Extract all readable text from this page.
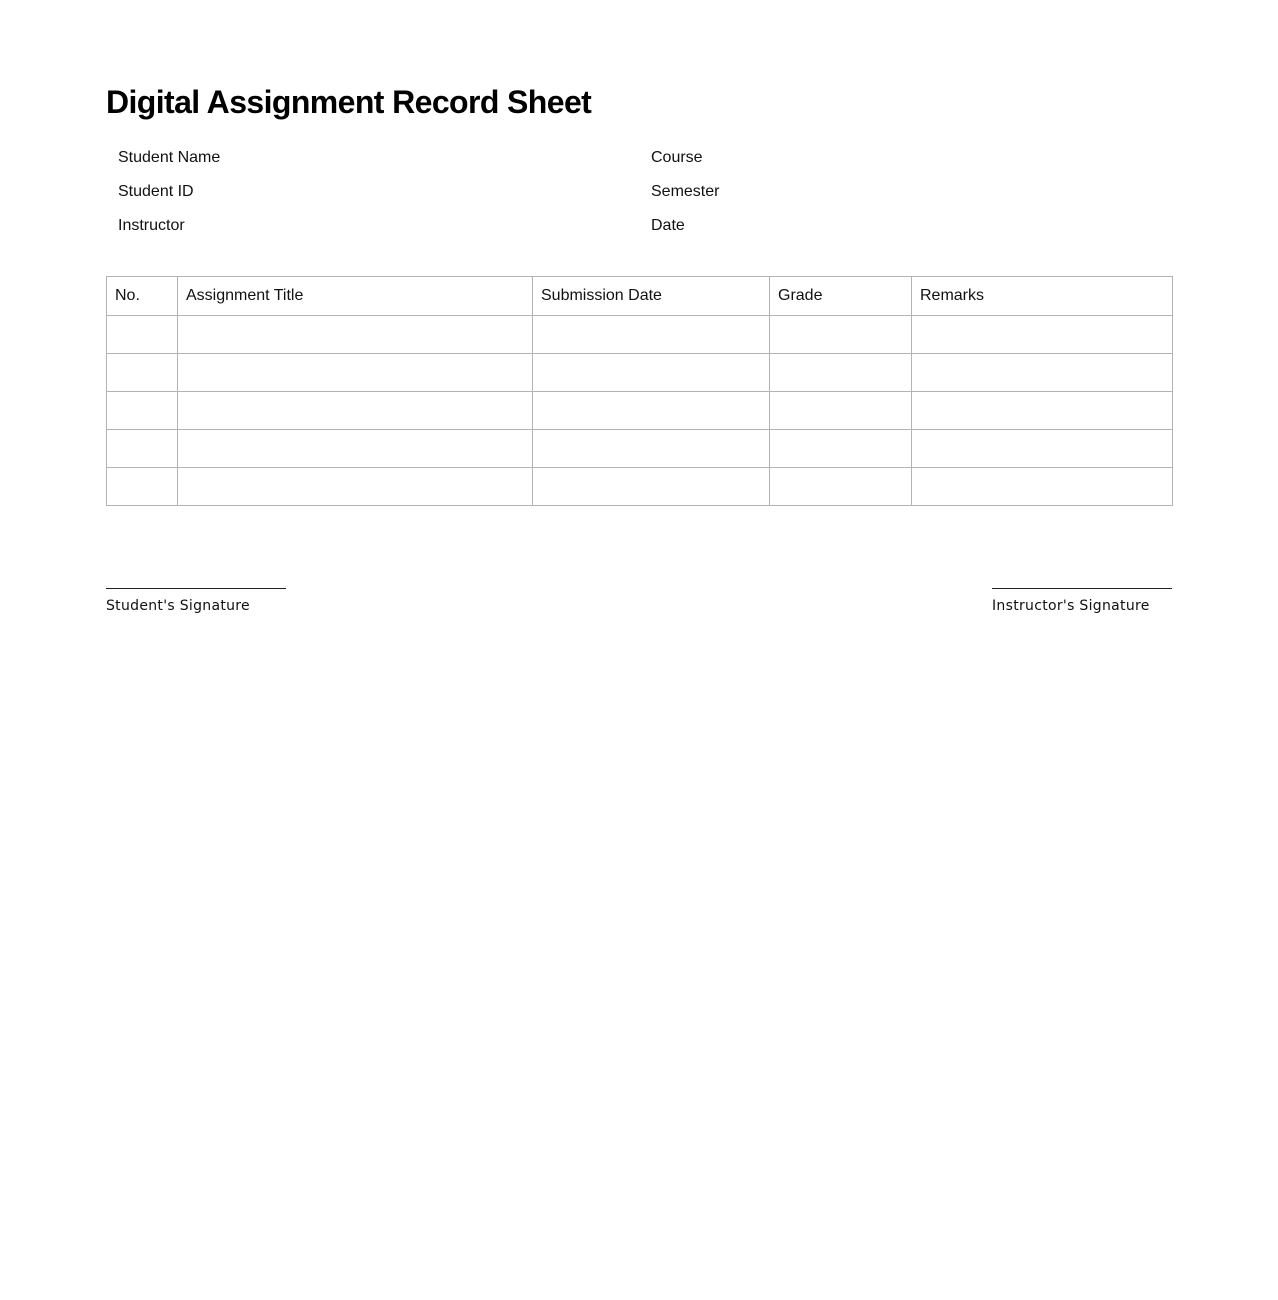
Digital Assignment Record Sheet
Student Name	Course
Student ID	Semester
Instructor	Date
No.	Assignment Title	Submission Date	Grade	Remarks

Student's Signature	Instructor's Signature
